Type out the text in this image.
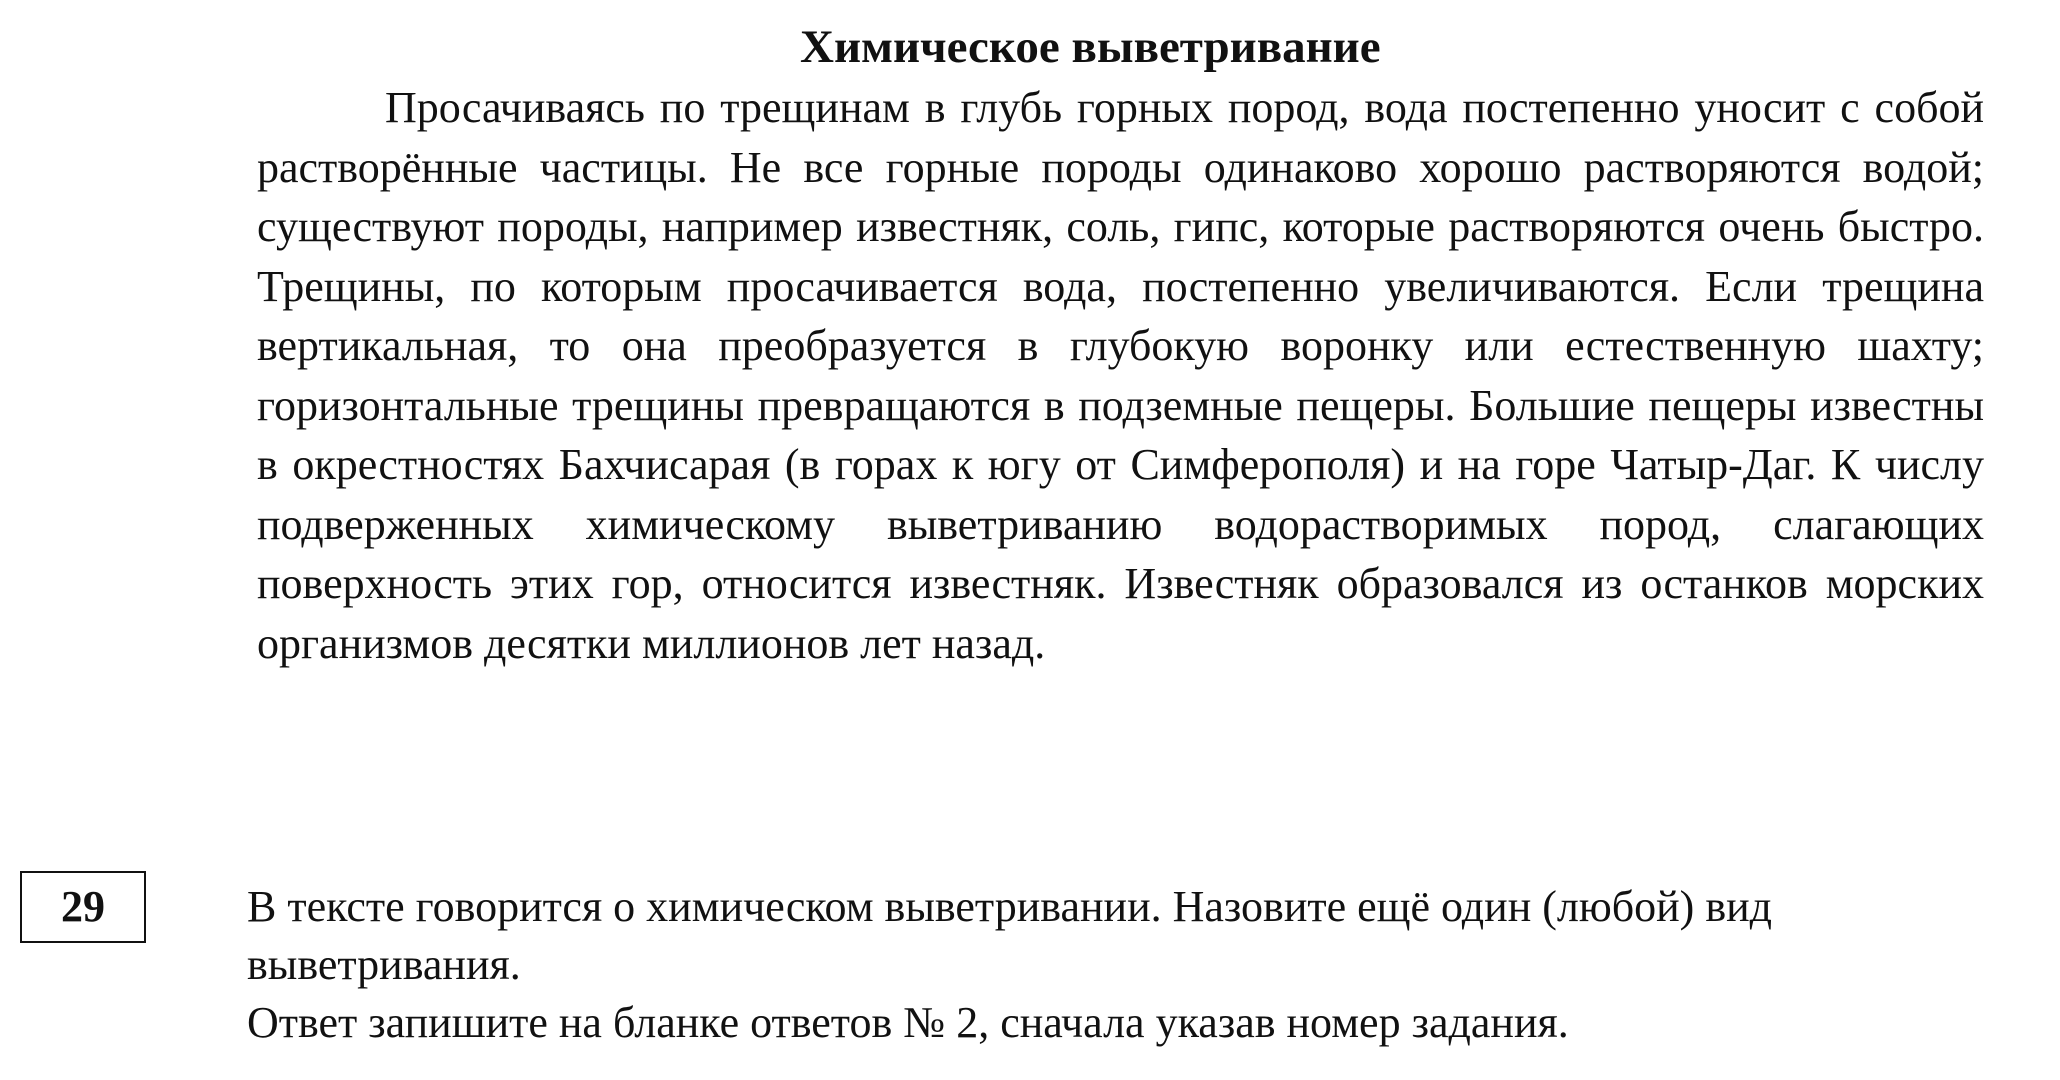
Химическое выветривание

Просачиваясь по трещинам в глубь горных пород, вода постепенно уносит с собой растворённые частицы. Не все горные породы одинаково хорошо растворяются водой; существуют породы, например известняк, соль, гипс, которые растворяются очень быстро. Трещины, по которым просачивается вода, постепенно увеличиваются. Если трещина вертикальная, то она преобразуется в глубокую воронку или естественную шахту; горизонтальные трещины превращаются в подземные пещеры. Большие пещеры известны в окрестностях Бахчисарая (в горах к югу от Симферополя) и на горе Чатыр-Даг. К числу подверженных химическому выветриванию водорастворимых пород, слагающих поверхность этих гор, относится известняк. Известняк образовался из останков морских организмов десятки миллионов лет назад.

29	В тексте говорится о химическом выветривании. Назовите ещё один (любой) вид выветривания.
Ответ запишите на бланке ответов № 2, сначала указав номер задания.
